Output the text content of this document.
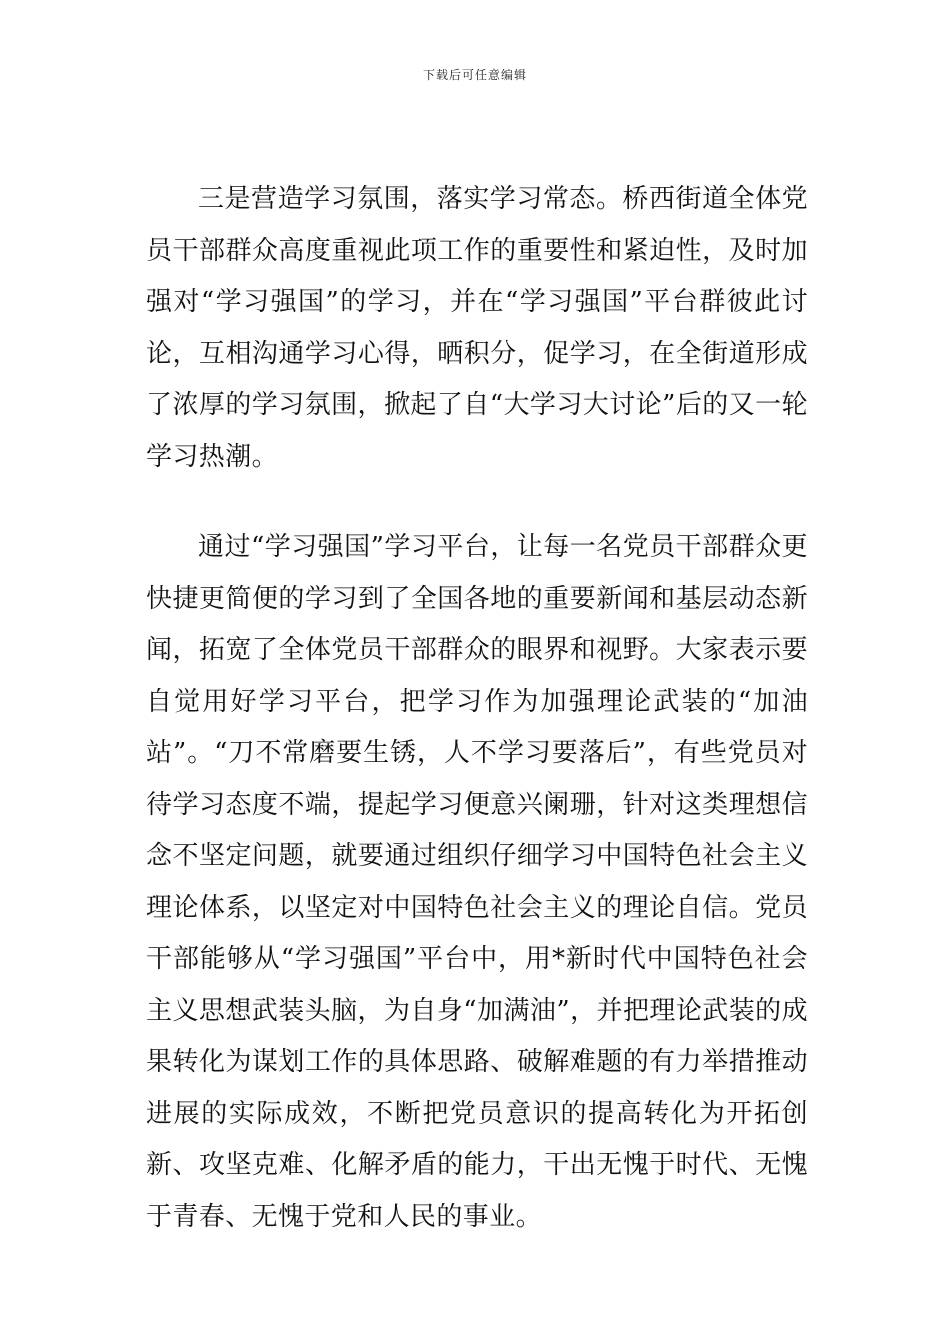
下载后可任意编辑

三是营造学习氛围，落实学习常态。桥西街道全体党员干部群众高度重视此项工作的重要性和紧迫性，及时加强对“学习强国”的学习，并在“学习强国”平台群彼此讨论，互相沟通学习心得，晒积分，促学习，在全街道形成了浓厚的学习氛围，掀起了自“大学习大讨论”后的又一轮学习热潮。

通过“学习强国”学习平台，让每一名党员干部群众更快捷更简便的学习到了全国各地的重要新闻和基层动态新闻，拓宽了全体党员干部群众的眼界和视野。大家表示要自觉用好学习平台，把学习作为加强理论武装的“加油站”。“刀不常磨要生锈，人不学习要落后”，有些党员对待学习态度不端，提起学习便意兴阑珊，针对这类理想信念不坚定问题，就要通过组织仔细学习中国特色社会主义理论体系，以坚定对中国特色社会主义的理论自信。党员干部能够从“学习强国”平台中，用*新时代中国特色社会主义思想武装头脑，为自身“加满油”，并把理论武装的成果转化为谋划工作的具体思路、破解难题的有力举措推动进展的实际成效，不断把党员意识的提高转化为开拓创新、攻坚克难、化解矛盾的能力，干出无愧于时代、无愧于青春、无愧于党和人民的事业。
